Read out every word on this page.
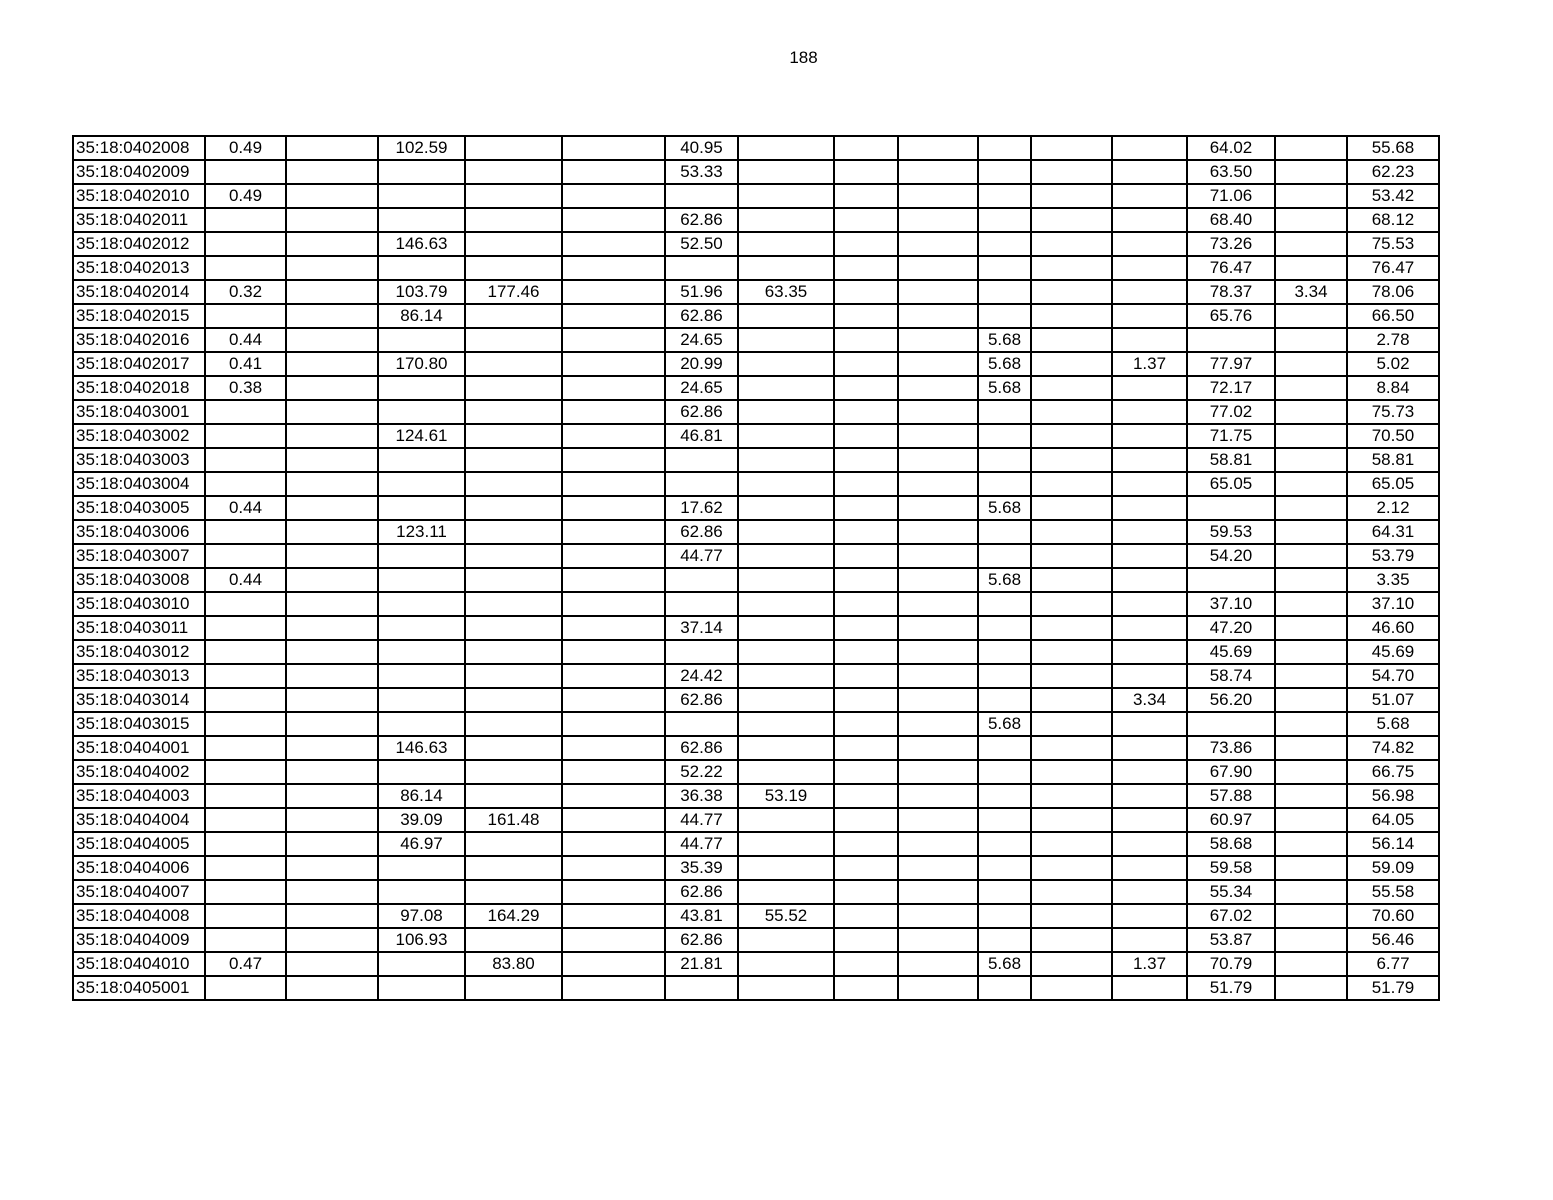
188
35:18:0402008	0.49		102.59			40.95							64.02		55.68
35:18:0402009						53.33							63.50		62.23
35:18:0402010	0.49												71.06		53.42
35:18:0402011						62.86							68.40		68.12
35:18:0402012			146.63			52.50							73.26		75.53
35:18:0402013													76.47		76.47
35:18:0402014	0.32		103.79	177.46		51.96	63.35						78.37	3.34	78.06
35:18:0402015			86.14			62.86							65.76		66.50
35:18:0402016	0.44					24.65				5.68					2.78
35:18:0402017	0.41		170.80			20.99				5.68		1.37	77.97		5.02
35:18:0402018	0.38					24.65				5.68			72.17		8.84
35:18:0403001						62.86							77.02		75.73
35:18:0403002			124.61			46.81							71.75		70.50
35:18:0403003													58.81		58.81
35:18:0403004													65.05		65.05
35:18:0403005	0.44					17.62				5.68					2.12
35:18:0403006			123.11			62.86							59.53		64.31
35:18:0403007						44.77							54.20		53.79
35:18:0403008	0.44									5.68					3.35
35:18:0403010													37.10		37.10
35:18:0403011						37.14							47.20		46.60
35:18:0403012													45.69		45.69
35:18:0403013						24.42							58.74		54.70
35:18:0403014						62.86						3.34	56.20		51.07
35:18:0403015										5.68					5.68
35:18:0404001			146.63			62.86							73.86		74.82
35:18:0404002						52.22							67.90		66.75
35:18:0404003			86.14			36.38	53.19						57.88		56.98
35:18:0404004			39.09	161.48		44.77							60.97		64.05
35:18:0404005			46.97			44.77							58.68		56.14
35:18:0404006						35.39							59.58		59.09
35:18:0404007						62.86							55.34		55.58
35:18:0404008			97.08	164.29		43.81	55.52						67.02		70.60
35:18:0404009			106.93			62.86							53.87		56.46
35:18:0404010	0.47			83.80		21.81				5.68		1.37	70.79		6.77
35:18:0405001													51.79		51.79
